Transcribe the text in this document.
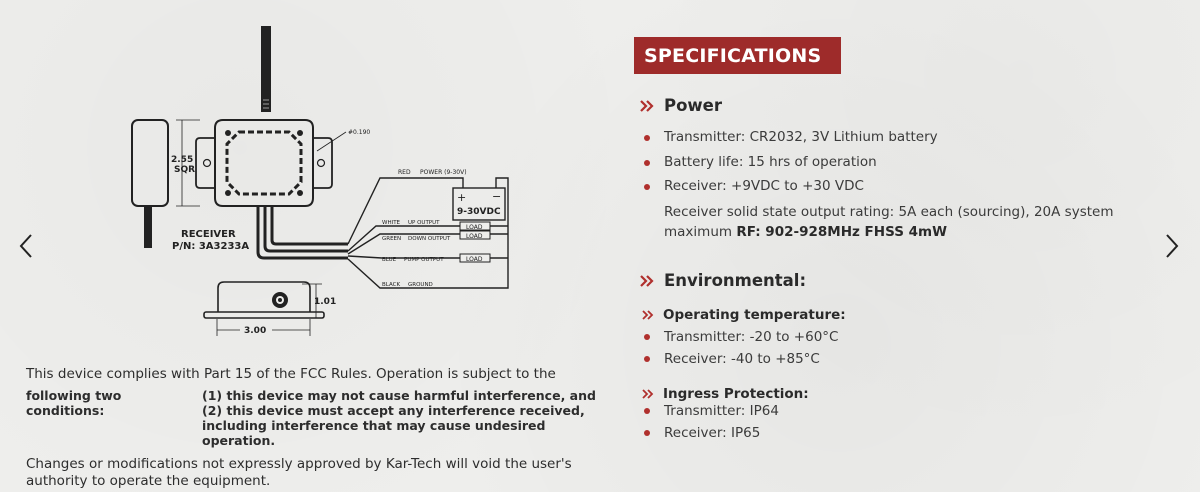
2.55
SQR
#0.190
RECEIVER
P/N: 3A3233A
RED POWER (9-30V)
+ −
9-30VDC
WHITE UP OUTPUT
GREEN DOWN OUTPUT
BLUE PUMP OUTPUT
BLACK GROUND
LOAD
LOAD
LOAD
1.01
3.00

This device complies with Part 15 of the FCC Rules. Operation is subject to the

following two conditions:
(1) this device may not cause harmful interference, and
(2) this device must accept any interference received,
including interference that may cause undesired operation.

Changes or modifications not expressly approved by Kar-Tech will void the user's authority to operate the equipment.

SPECIFICATIONS
Power
Transmitter: CR2032, 3V Lithium battery
Battery life: 15 hrs of operation
Receiver: +9VDC to +30 VDC
Receiver solid state output rating: 5A each (sourcing), 20A system maximum RF: 902-928MHz FHSS 4mW
Environmental:
Operating temperature:
Transmitter: -20 to +60°C
Receiver: -40 to +85°C
Ingress Protection:
Transmitter: IP64
Receiver: IP65
